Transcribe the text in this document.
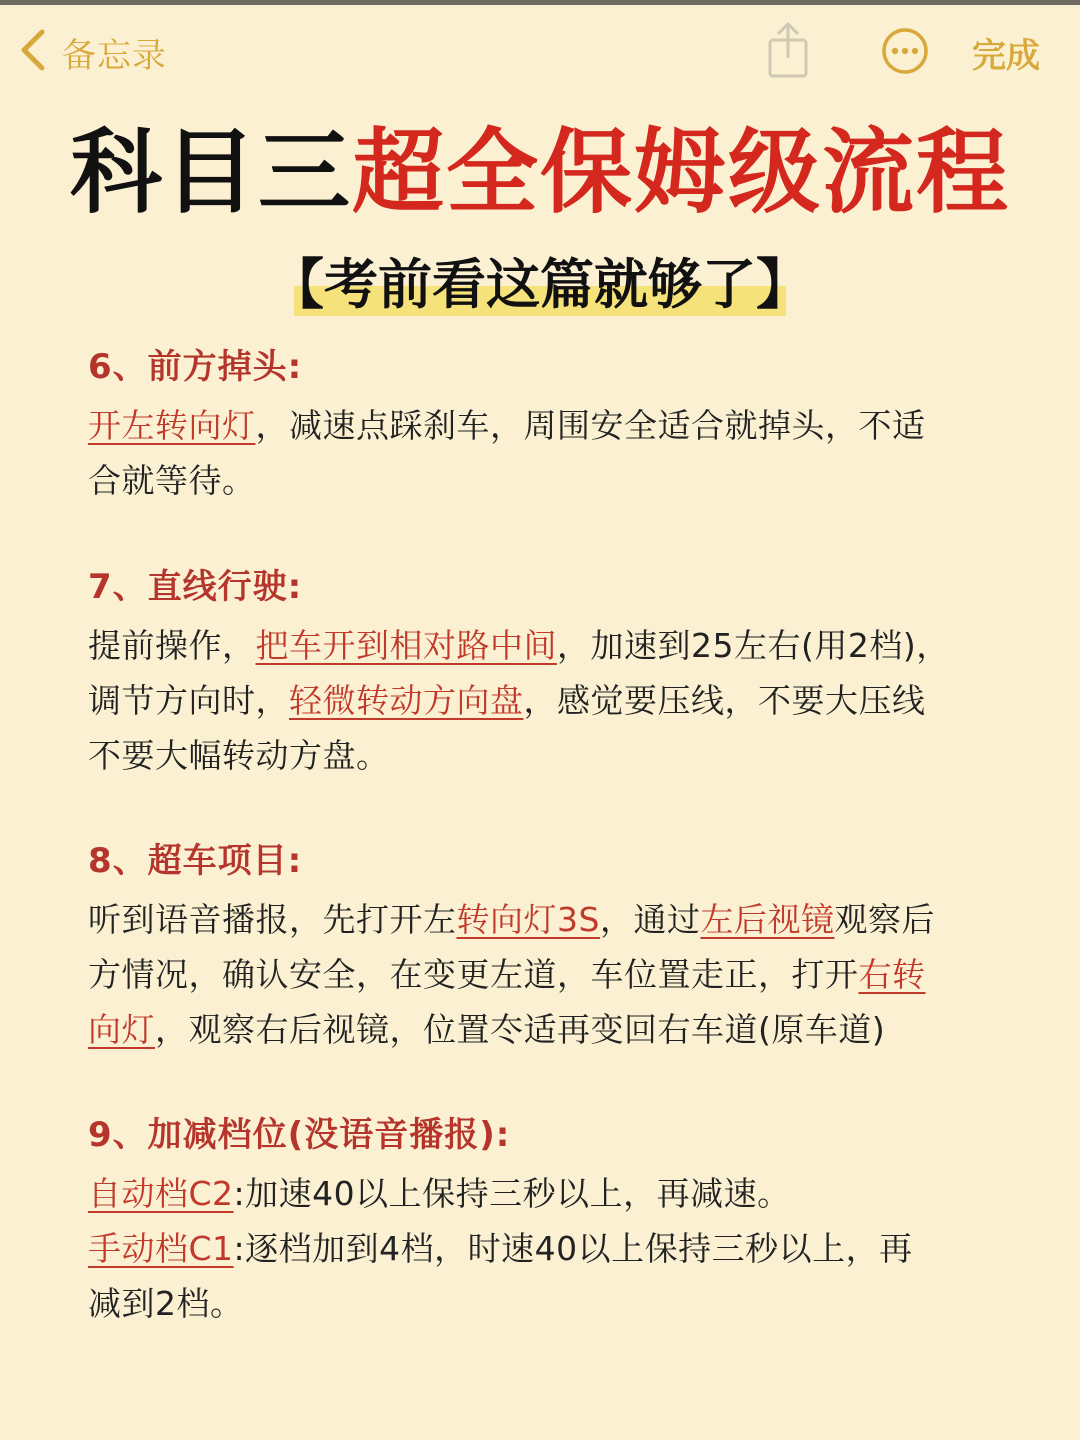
备忘录	完成
科目三超全保姆级流程
【考前看这篇就够了】
6、前方掉头:
开左转向灯，减速点踩刹车，周围安全适合就掉头，不适
合就等待。
7、直线行驶:
提前操作，把车开到相对路中间，加速到25左右(用2档)，
调节方向时，轻微转动方向盘，感觉要压线，不要大压线
不要大幅转动方盘。
8、超车项目:
听到语音播报，先打开左转向灯3S，通过左后视镜观察后
方情况，确认安全，在变更左道，车位置走正，打开右转
向灯，观察右后视镜，位置冭适再变回右车道(原车道)
9、加减档位(没语音播报):
自动档C2:加速40以上保持三秒以上，再减速。
手动档C1:逐档加到4档，时速40以上保持三秒以上，再
减到2档。
